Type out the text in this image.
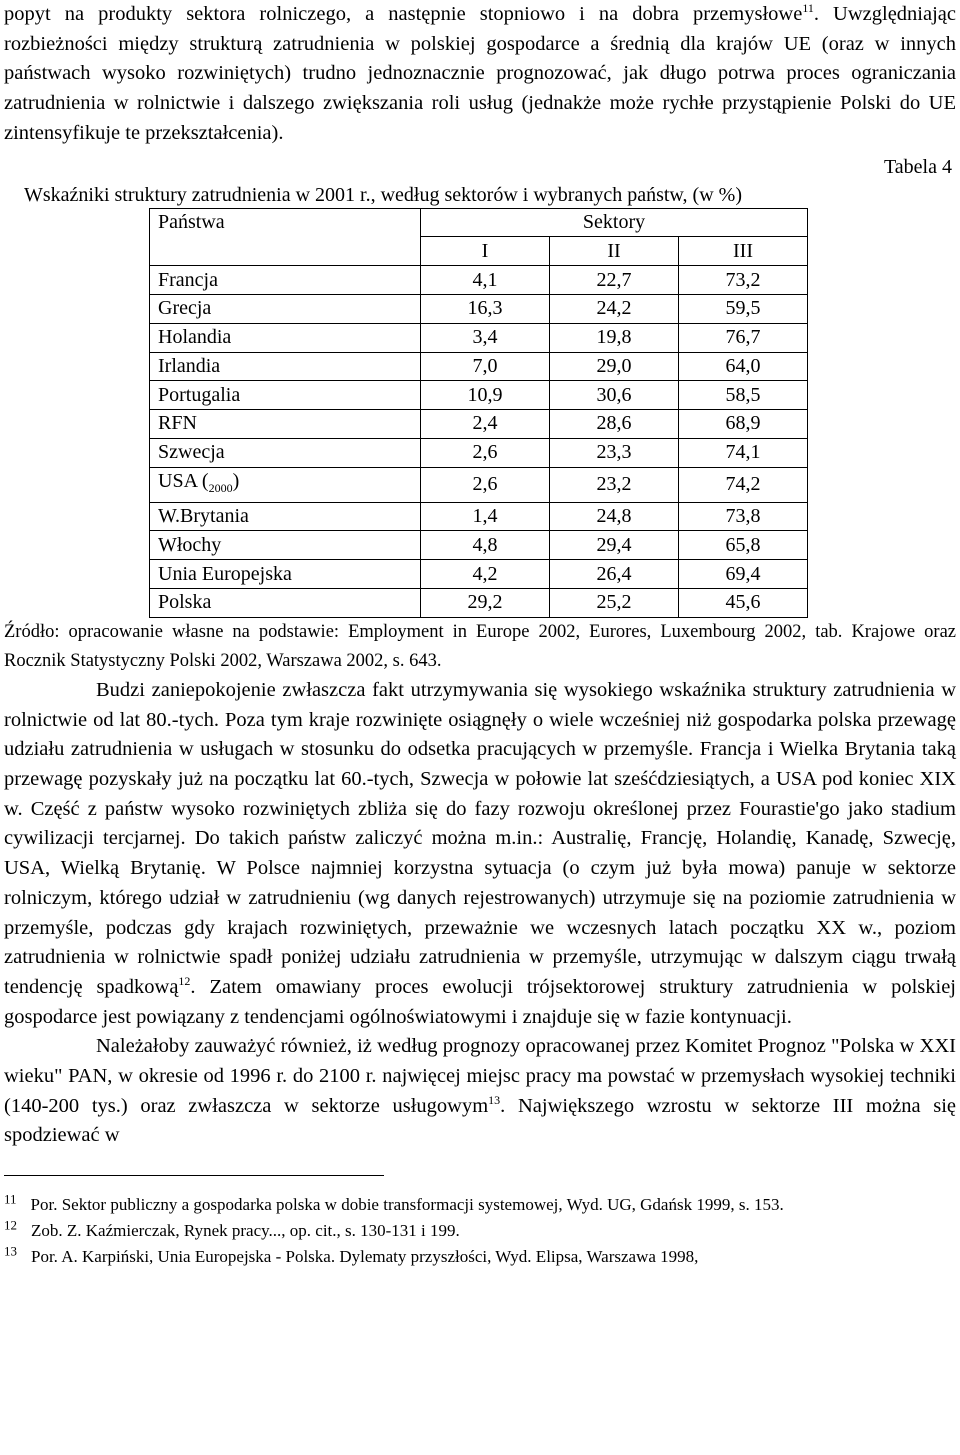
popyt na produkty sektora rolniczego, a następnie stopniowo i na dobra przemysłowe$^{11}$. Uwzględniając rozbieżności między strukturą zatrudnienia w polskiej gospodarce a średnią dla krajów UE (oraz w innych państwach wysoko rozwiniętych) trudno jednoznacznie prognozować, jak długo potrwa proces ograniczania zatrudnienia w rolnictwie i dalszego zwiększania roli usług (jednakże może rychłe przystąpienie Polski do UE zintensyfikuje te przekształcenia).

Tabela 4
Wskaźniki struktury zatrudnienia w 2001 r., według sektorów i wybranych państw, (w %)
Państwa	Sektory		
	I	II	III
Francja	4,1	22,7	73,2
Grecja	16,3	24,2	59,5
Holandia	3,4	19,8	76,7
Irlandia	7,0	29,0	64,0
Portugalia	10,9	30,6	58,5
RFN	2,4	28,6	68,9
Szwecja	2,6	23,3	74,1
USA $(_{2000})$	2,6	23,2	74,2
W.Brytania	1,4	24,8	73,8
Włochy	4,8	29,4	65,8
Unia Europejska	4,2	26,4	69,4
Polska	29,2	25,2	45,6

Źródło: opracowanie własne na podstawie: Employment in Europe 2002, Eurores, Luxembourg 2002, tab. Krajowe oraz Rocznik Statystyczny Polski 2002, Warszawa 2002, s. 643.

Budzi zaniepokojenie zwłaszcza fakt utrzymywania się wysokiego wskaźnika struktury zatrudnienia w rolnictwie od lat 80.-tych. Poza tym kraje rozwinięte osiągnęły o wiele wcześniej niż gospodarka polska przewagę udziału zatrudnienia w usługach w stosunku do odsetka pracujących w przemyśle. Francja i Wielka Brytania taką przewagę pozyskały już na początku lat 60.-tych, Szwecja w połowie lat sześćdziesiątych, a USA pod koniec XIX w. Część z państw wysoko rozwiniętych zbliża się do fazy rozwoju określonej przez Fourastie'go jako stadium cywilizacji tercjarnej. Do takich państw zaliczyć można m.in.: Australię, Francję, Holandię, Kanadę, Szwecję, USA, Wielką Brytanię. W Polsce najmniej korzystna sytuacja (o czym już była mowa) panuje w sektorze rolniczym, którego udział w zatrudnieniu (wg danych rejestrowanych) utrzymuje się na poziomie zatrudnienia w przemyśle, podczas gdy krajach rozwiniętych, przeważnie we wczesnych latach początku XX w., poziom zatrudnienia w rolnictwie spadł poniżej udziału zatrudnienia w przemyśle, utrzymując w dalszym ciągu trwałą tendencję spadkową$^{12}$. Zatem omawiany proces ewolucji trójsektorowej struktury zatrudnienia w polskiej gospodarce jest powiązany z tendencjami ogólnoświatowymi i znajduje się w fazie kontynuacji.

Należałoby zauważyć również, iż według prognozy opracowanej przez Komitet Prognoz "Polska w XXI wieku" PAN, w okresie od 1996 r. do 2100 r. najwięcej miejsc pracy ma powstać w przemysłach wysokiej techniki (140-200 tys.) oraz zwłaszcza w sektorze usługowym$^{13}$. Największego wzrostu w sektorze III można się spodziewać w

$^{11}$ Por. Sektor publiczny a gospodarka polska w dobie transformacji systemowej, Wyd. UG, Gdańsk 1999, s. 153.

$^{12}$ Zob. Z. Kaźmierczak, Rynek pracy..., op. cit., s. 130-131 i 199.

$^{13}$ Por. A. Karpiński, Unia Europejska - Polska. Dylematy przyszłości, Wyd. Elipsa, Warszawa 1998,
